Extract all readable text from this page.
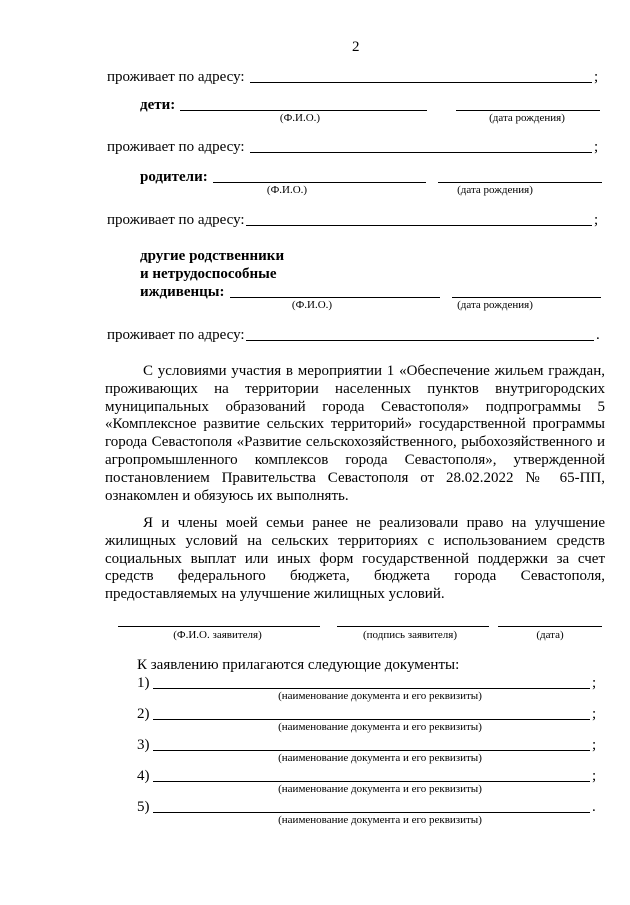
2
проживает по адресу:	;
дети:
(Ф.И.О.)	(дата рождения)
проживает по адресу:	;
родители:
(Ф.И.О.)	(дата рождения)
проживает по адресу:	;
другие родственники
и нетрудоспособные
иждивенцы:
(Ф.И.О.)	(дата рождения)
проживает по адресу:	.
С условиями участия в мероприятии 1 «Обеспечение жильем граждан, проживающих на территории населенных пунктов внутригородских муниципальных образований города Севастополя» подпрограммы 5 «Комплексное развитие сельских территорий» государственной программы города Севастополя «Развитие сельскохозяйственного, рыбохозяйственного и агропромышленного комплексов города Севастополя», утвержденной постановлением Правительства Севастополя от 28.02.2022 № 65-ПП, ознакомлен и обязуюсь их выполнять.
Я и члены моей семьи ранее не реализовали право на улучшение жилищных условий на сельских территориях с использованием средств социальных выплат или иных форм государственной поддержки за счет средств федерального бюджета, бюджета города Севастополя, предоставляемых на улучшение жилищных условий.
(Ф.И.О. заявителя)	(подпись заявителя)	(дата)
К заявлению прилагаются следующие документы:
1)	;
(наименование документа и его реквизиты)
2)	;
(наименование документа и его реквизиты)
3)	;
(наименование документа и его реквизиты)
4)	;
(наименование документа и его реквизиты)
5)	.
(наименование документа и его реквизиты)
